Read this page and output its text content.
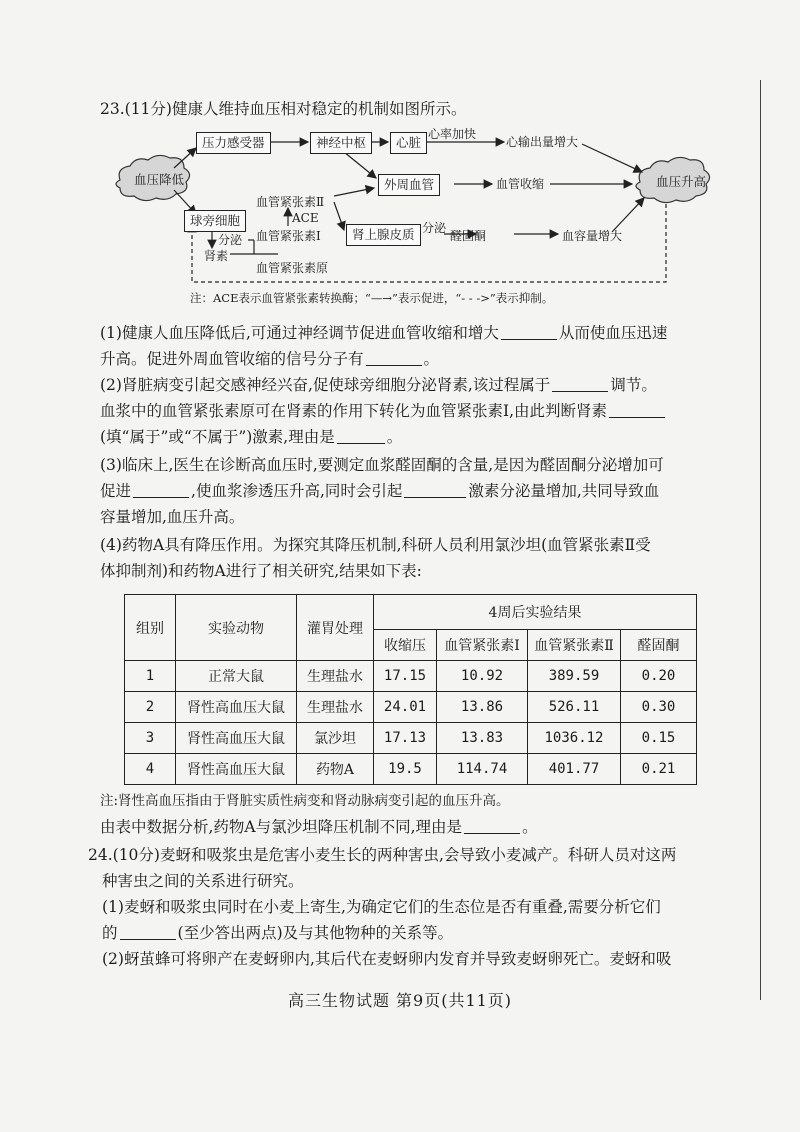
23.(11分)健康人维持血压相对稳定的机制如图所示。
血压降低	血压升高
压力感受器	神经中枢	心脏
心率加快
心输出量增大
外周血管	血管收缩
血管紧张素Ⅱ
ACE
血管紧张素Ⅰ
血管紧张素原
球旁细胞
分泌
肾素
肾上腺皮质 分泌
醛固酮	血容量增大
注：ACE表示血管紧张素转换酶；“—→”表示促进，“- - ->”表示抑制。
(1)健康人血压降低后,可通过神经调节促进血管收缩和增大	从而使血压迅速
升高。促进外周血管收缩的信号分子有	。
(2)肾脏病变引起交感神经兴奋,促使球旁细胞分泌肾素,该过程属于	调节。
血浆中的血管紧张素原可在肾素的作用下转化为血管紧张素Ⅰ,由此判断肾素
(填“属于”或“不属于”)激素,理由是	。
(3)临床上,医生在诊断高血压时,要测定血浆醛固酮的含量,是因为醛固酮分泌增加可
促进	,使血浆渗透压升高,同时会引起	激素分泌量增加,共同导致血
容量增加,血压升高。
(4)药物A具有降压作用。为探究其降压机制,科研人员利用氯沙坦(血管紧张素Ⅱ受
体抑制剂)和药物A进行了相关研究,结果如下表:
组别	实验动物	灌胃处理	4周后实验结果			
			收缩压	血管紧张素Ⅰ	血管紧张素Ⅱ	醛固酮
1	正常大鼠	生理盐水	17.15	10.92	389.59	0.20
2	肾性高血压大鼠	生理盐水	24.01	13.86	526.11	0.30
3	肾性高血压大鼠	氯沙坦	17.13	13.83	1036.12	0.15
4	肾性高血压大鼠	药物A	19.5	114.74	401.77	0.21
注:肾性高血压指由于肾脏实质性病变和肾动脉病变引起的血压升高。
由表中数据分析,药物A与氯沙坦降压机制不同,理由是	。
24.(10分)麦蚜和吸浆虫是危害小麦生长的两种害虫,会导致小麦减产。科研人员对这两
种害虫之间的关系进行研究。
(1)麦蚜和吸浆虫同时在小麦上寄生,为确定它们的生态位是否有重叠,需要分析它们
的	(至少答出两点)及与其他物种的关系等。
(2)蚜茧蜂可将卵产在麦蚜卵内,其后代在麦蚜卵内发育并导致麦蚜卵死亡。麦蚜和吸
高三生物试题 第9页(共11页)
